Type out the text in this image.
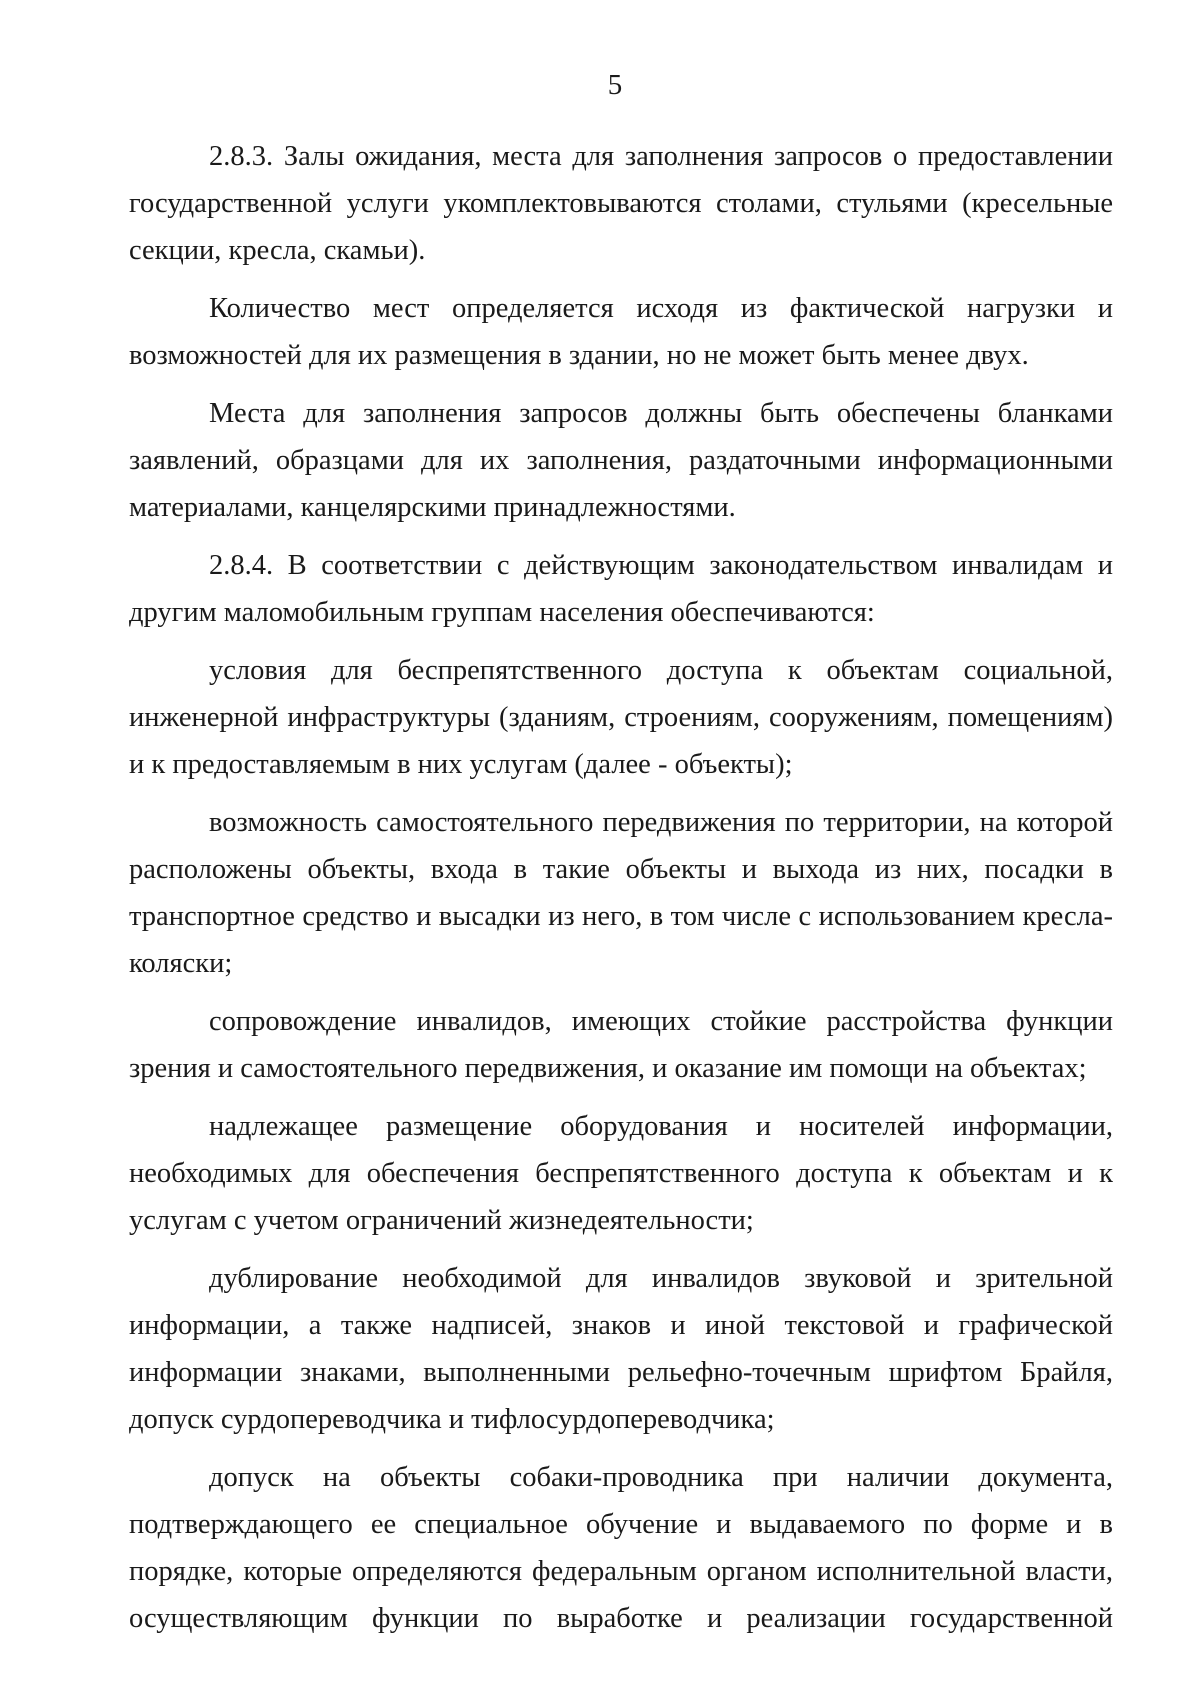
5

2.8.3. Залы ожидания, места для заполнения запросов о предоставлении государственной услуги укомплектовываются столами, стульями (кресельные секции, кресла, скамьи).

Количество мест определяется исходя из фактической нагрузки и возможностей для их размещения в здании, но не может быть менее двух.

Места для заполнения запросов должны быть обеспечены бланками заявлений, образцами для их заполнения, раздаточными информационными материалами, канцелярскими принадлежностями.

2.8.4. В соответствии с действующим законодательством инвалидам и другим маломобильным группам населения обеспечиваются:

условия для беспрепятственного доступа к объектам социальной, инженерной инфраструктуры (зданиям, строениям, сооружениям, помещениям) и к предоставляемым в них услугам (далее - объекты);

возможность самостоятельного передвижения по территории, на которой расположены объекты, входа в такие объекты и выхода из них, посадки в транспортное средство и высадки из него, в том числе с использованием кресла-коляски;

сопровождение инвалидов, имеющих стойкие расстройства функции зрения и самостоятельного передвижения, и оказание им помощи на объектах;

надлежащее размещение оборудования и носителей информации, необходимых для обеспечения беспрепятственного доступа к объектам и к услугам с учетом ограничений жизнедеятельности;

дублирование необходимой для инвалидов звуковой и зрительной информации, а также надписей, знаков и иной текстовой и графической информации знаками, выполненными рельефно-точечным шрифтом Брайля, допуск сурдопереводчика и тифлосурдопереводчика;

допуск на объекты собаки-проводника при наличии документа, подтверждающего ее специальное обучение и выдаваемого по форме и в порядке, которые определяются федеральным органом исполнительной власти, осуществляющим функции по выработке и реализации государственной
